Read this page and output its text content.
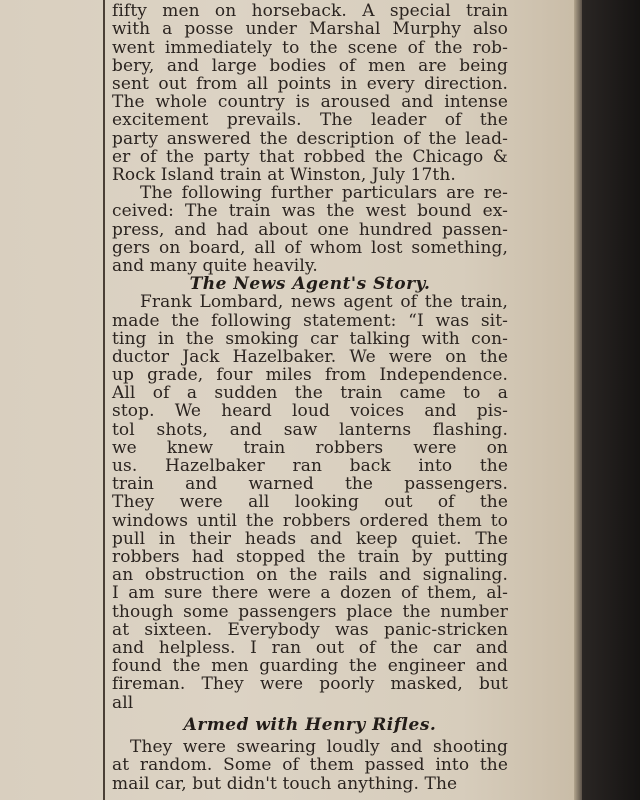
fifty men on horseback. A special train
with a posse under Marshal Murphy also
went immediately to the scene of the rob-
bery, and large bodies of men are being
sent out from all points in every direction.
The whole country is aroused and intense
excitement prevails. The leader of the
party answered the description of the lead-
er of the party that robbed the Chicago &
Rock Island train at Winston, July 17th.
The following further particulars are re-
ceived: The train was the west bound ex-
press, and had about one hundred passen-
gers on board, all of whom lost something,
and many quite heavily.
The News Agent's Story.
Frank Lombard, news agent of the train,
made the following statement: “I was sit-
ting in the smoking car talking with con-
ductor Jack Hazelbaker. We were on the
up grade, four miles from Independence.
All of a sudden the train came to a
stop. We heard loud voices and pis-
tol shots, and saw lanterns flashing.
we knew train robbers were on
us. Hazelbaker ran back into the
train and warned the passengers.
They were all looking out of the
windows until the robbers ordered them to
pull in their heads and keep quiet. The
robbers had stopped the train by putting
an obstruction on the rails and signaling.
I am sure there were a dozen of them, al-
though some passengers place the number
at sixteen. Everybody was panic-stricken
and helpless. I ran out of the car and
found the men guarding the engineer and
fireman. They were poorly masked, but
all
Armed with Henry Rifles.
They were swearing loudly and shooting
at random. Some of them passed into the
mail car, but didn't touch anything. The
